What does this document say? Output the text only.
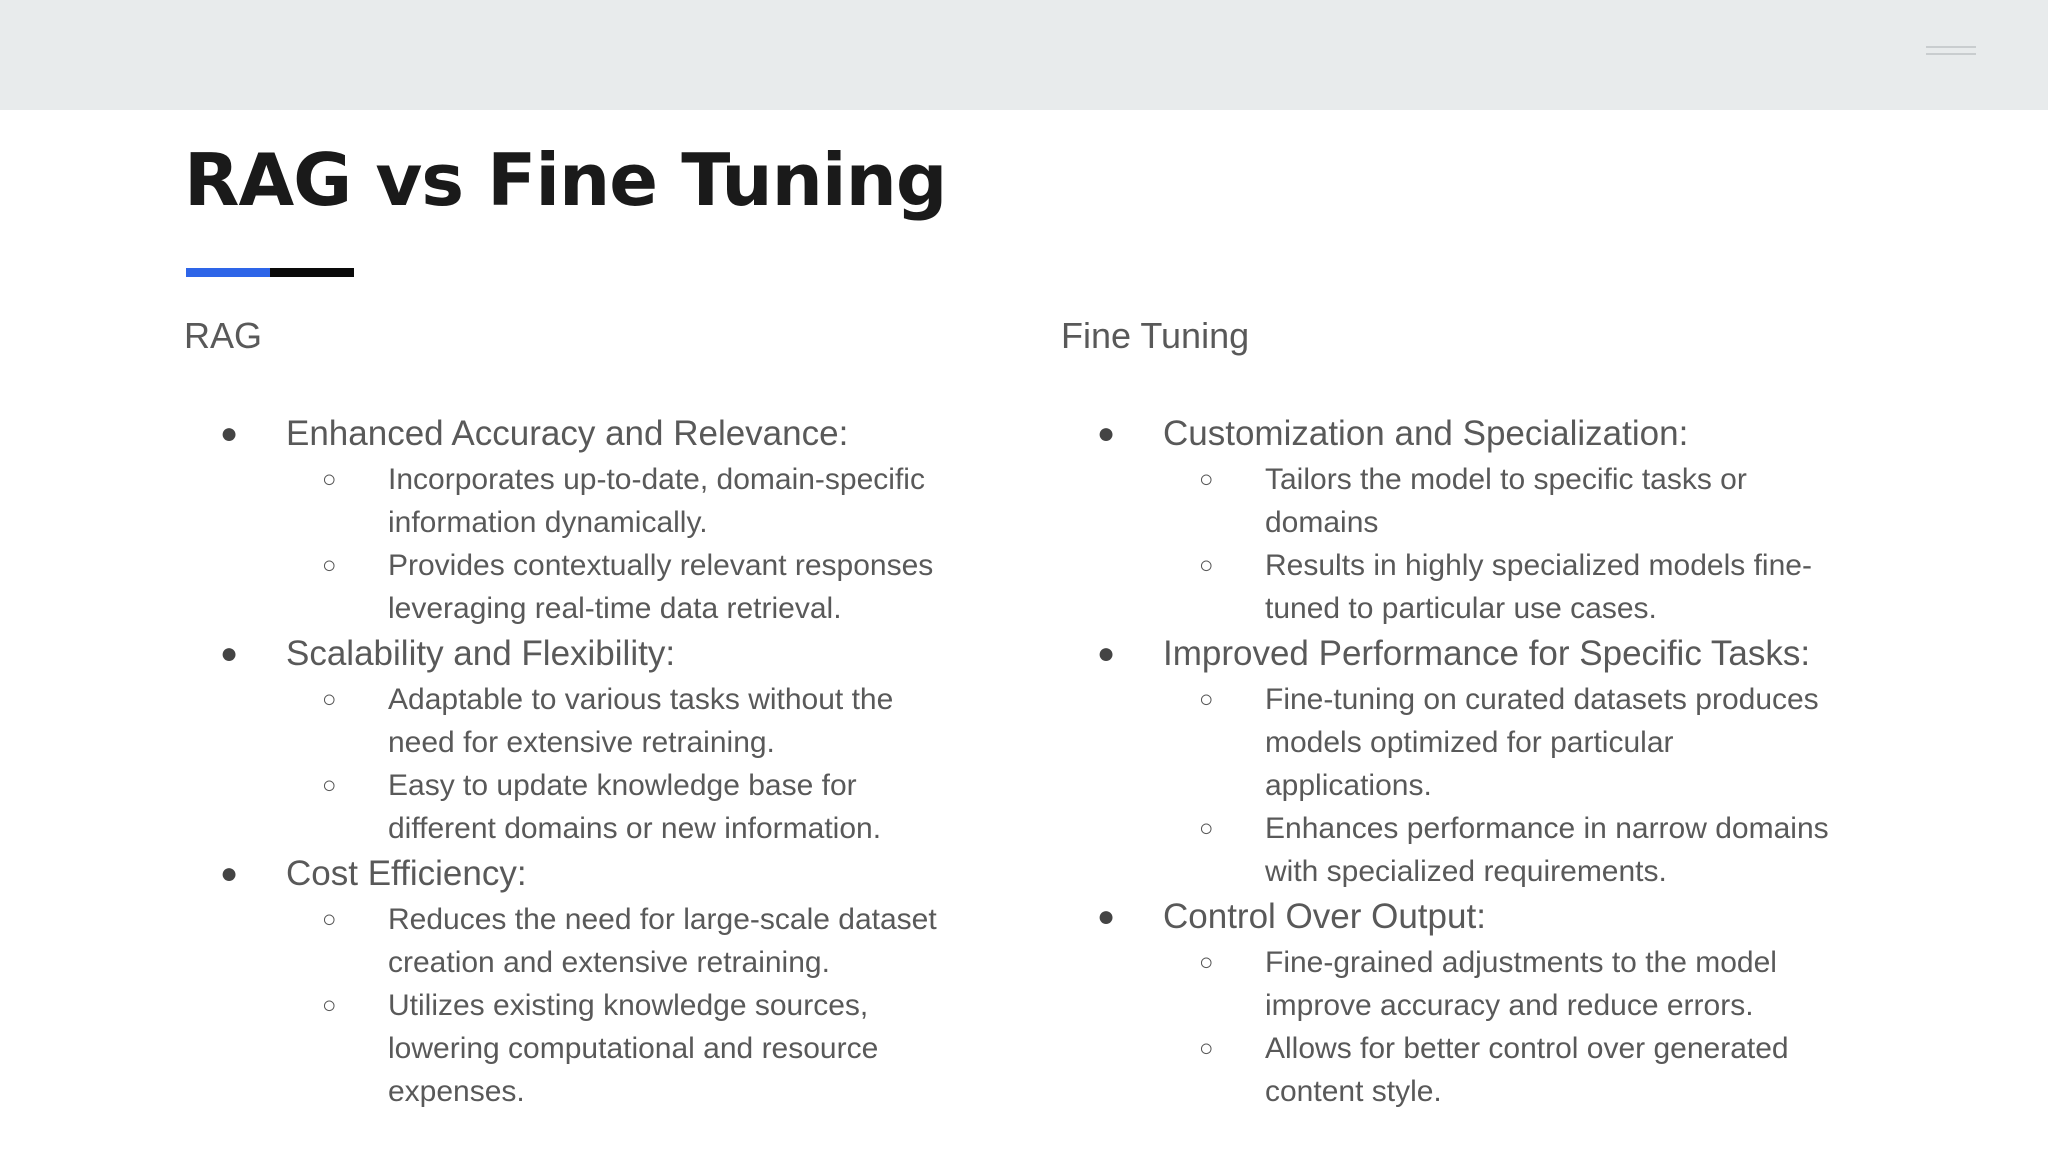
RAG vs Fine Tuning
RAG
● Enhanced Accuracy and Relevance:
○ Incorporates up-to-date, domain-specific
information dynamically.
○ Provides contextually relevant responses
leveraging real-time data retrieval.
● Scalability and Flexibility:
○ Adaptable to various tasks without the
need for extensive retraining.
○ Easy to update knowledge base for
different domains or new information.
● Cost Efficiency:
○ Reduces the need for large-scale dataset
creation and extensive retraining.
○ Utilizes existing knowledge sources,
lowering computational and resource
expenses.
Fine Tuning
● Customization and Specialization:
○ Tailors the model to specific tasks or
domains
○ Results in highly specialized models fine-
tuned to particular use cases.
● Improved Performance for Specific Tasks:
○ Fine-tuning on curated datasets produces
models optimized for particular
applications.
○ Enhances performance in narrow domains
with specialized requirements.
● Control Over Output:
○ Fine-grained adjustments to the model
improve accuracy and reduce errors.
○ Allows for better control over generated
content style.
